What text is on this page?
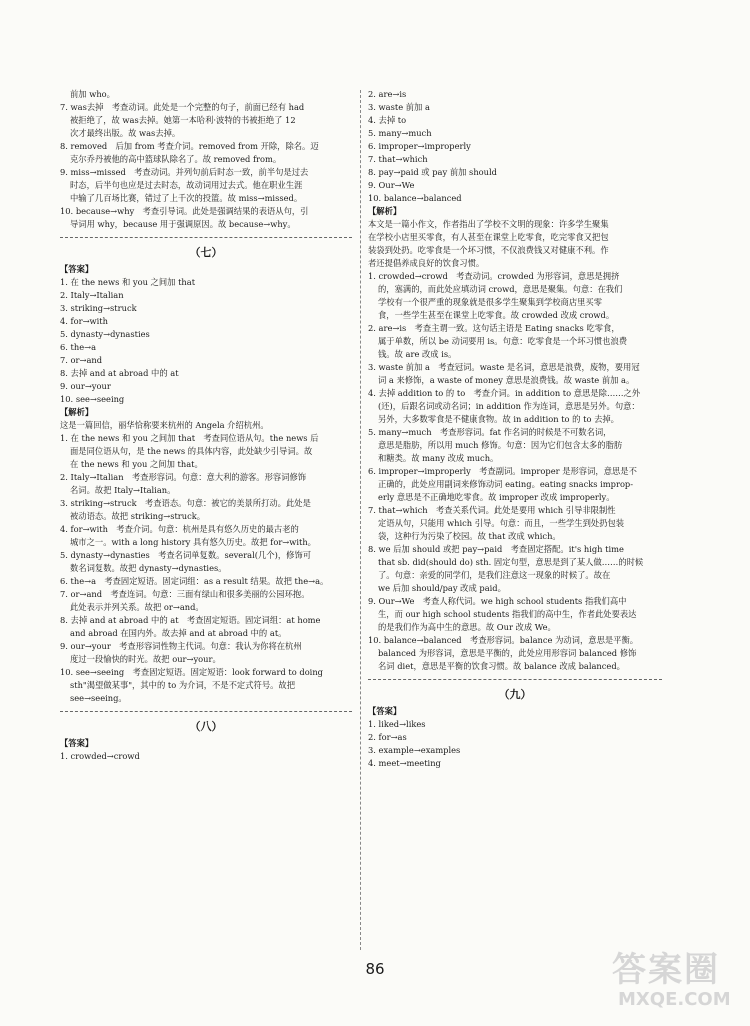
前加 who。
7. was去掉　考查动词。此处是一个完整的句子，前面已经有 had
被拒绝了，故 was去掉。她第一本哈利·波特的书被拒绝了 12
次才最终出版。故 was去掉。
8. removed　后加 from 考查介词。removed from 开除，除名。迈
克尔乔丹被他的高中篮球队除名了。故 removed from。
9. miss→missed　考查动词。并列句前后时态一致，前半句是过去
时态，后半句也应是过去时态，故动词用过去式。他在职业生涯
中输了几百场比赛，错过了上千次的投篮。故 miss→missed。
10. because→why　考查引导词。此处是强调结果的表语从句，引
导词用 why，because 用于强调原因。故 because→why。
（七）
【答案】
1. 在 the news 和 you 之间加 that
2. Italy→Italian
3. striking→struck
4. for→with
5. dynasty→dynasties
6. the→a
7. or→and
8. 去掉 and at abroad 中的 at
9. our→your
10. see→seeing
【解析】
这是一篇回信，丽华恰称要来杭州的 Angela 介绍杭州。
1. 在 the news 和 you 之间加 that　考查同位语从句。the news 后
面是同位语从句，是 the news 的具体内容，此处缺少引导词。故
在 the news 和 you 之间加 that。
2. Italy→Italian　考查形容词。句意：意大利的游客。形容词修饰
名词。故把 Italy→Italian。
3. striking→struck　考查语态。句意：被它的美景所打动。此处是
被动语态。故把 striking→struck。
4. for→with　考查介词。句意：杭州是具有悠久历史的最古老的
城市之一。with a long history 具有悠久历史。故把 for→with。
5. dynasty→dynasties　考查名词单复数。several(几个)，修饰可
数名词复数。故把 dynasty→dynasties。
6. the→a　考查固定短语。固定词组：as a result 结果。故把 the→a。
7. or→and　考查连词。句意：三面有绿山和很多美丽的公园环抱。
此处表示并列关系。故把 or→and。
8. 去掉 and at abroad 中的 at　考查固定短语。固定词组：at home
and abroad 在国内外。故去掉 and at abroad 中的 at。
9. our→your　考查形容词性物主代词。句意：我认为你将在杭州
度过一段愉快的时光。故把 our→your。
10. see→seeing　考查固定短语。固定短语：look forward to doing
sth"渴望做某事"，其中的 to 为介词，不是不定式符号。故把
see→seeing。
（八）
【答案】
1. crowded→crowd
2. are→is
3. waste 前加 a
4. 去掉 to
5. many→much
6. improper→improperly
7. that→which
8. pay→paid 或 pay 前加 should
9. Our→We
10. balance→balanced
【解析】
本文是一篇小作文，作者指出了学校不文明的现象：许多学生聚集
在学校小店里买零食，有人甚至在课堂上吃零食，吃完零食又把包
装袋到处扔。吃零食是一个坏习惯，不仅浪费钱又对健康不利。作
者还提倡养成良好的饮食习惯。
1. crowded→crowd　考查动词。crowded 为形容词，意思是拥挤
的，塞满的，而此处应填动词 crowd，意思是聚集。句意：在我们
学校有一个很严重的现象就是很多学生聚集到学校商店里买零
食，一些学生甚至在课堂上吃零食。故 crowded 改成 crowd。
2. are→is　考查主谓一致。这句话主语是 Eating snacks 吃零食，
属于单数，所以 be 动词要用 is。句意：吃零食是一个坏习惯也浪费
钱。故 are 改成 is。
3. waste 前加 a　考查冠词。waste 是名词，意思是浪费，废物，要用冠
词 a 来修饰，a waste of money 意思是浪费钱。故 waste 前加 a。
4. 去掉 addition to 的 to　考查介词。in addition to 意思是除……之外
(还)，后跟名词或动名词；in addition 作为连词，意思是另外。句意：
另外，大多数零食是不健康食物。故 in addition to 的 to 去掉。
5. many→much　考查形容词。fat 作名词的时候是不可数名词，
意思是脂肪，所以用 much 修饰。句意：因为它们包含太多的脂肪
和糖类。故 many 改成 much。
6. improper→improperly　考查副词。improper 是形容词，意思是不
正确的，此处应用副词来修饰动词 eating。eating snacks improp-
erly 意思是不正确地吃零食。故 improper 改成 improperly。
7. that→which　考查关系代词。此处是要用 which 引导非限制性
定语从句，只能用 which 引导。句意：而且，一些学生到处扔包装
袋，这种行为污染了校园。故 that 改成 which。
8. we 后加 should 或把 pay→paid　考查固定搭配。it's high time
that sb. did(should do) sth. 固定句型，意思是到了某人做……的时候
了。句意：亲爱的同学们，是我们注意这一现象的时候了。故在
we 后加 should/pay 改成 paid。
9. Our→We　考查人称代词。we high school students 指我们高中
生，而 our high school students 指我们的高中生，作者此处要表达
的是我们作为高中生的意思。故 Our 改成 We。
10. balance→balanced　考查形容词。balance 为动词，意思是平衡。
balanced 为形容词，意思是平衡的，此处应用形容词 balanced 修饰
名词 diet，意思是平衡的饮食习惯。故 balance 改成 balanced。
（九）
【答案】
1. liked→likes
2. for→as
3. example→examples
4. meet→meeting
86	答案圈
MXQE.COM
